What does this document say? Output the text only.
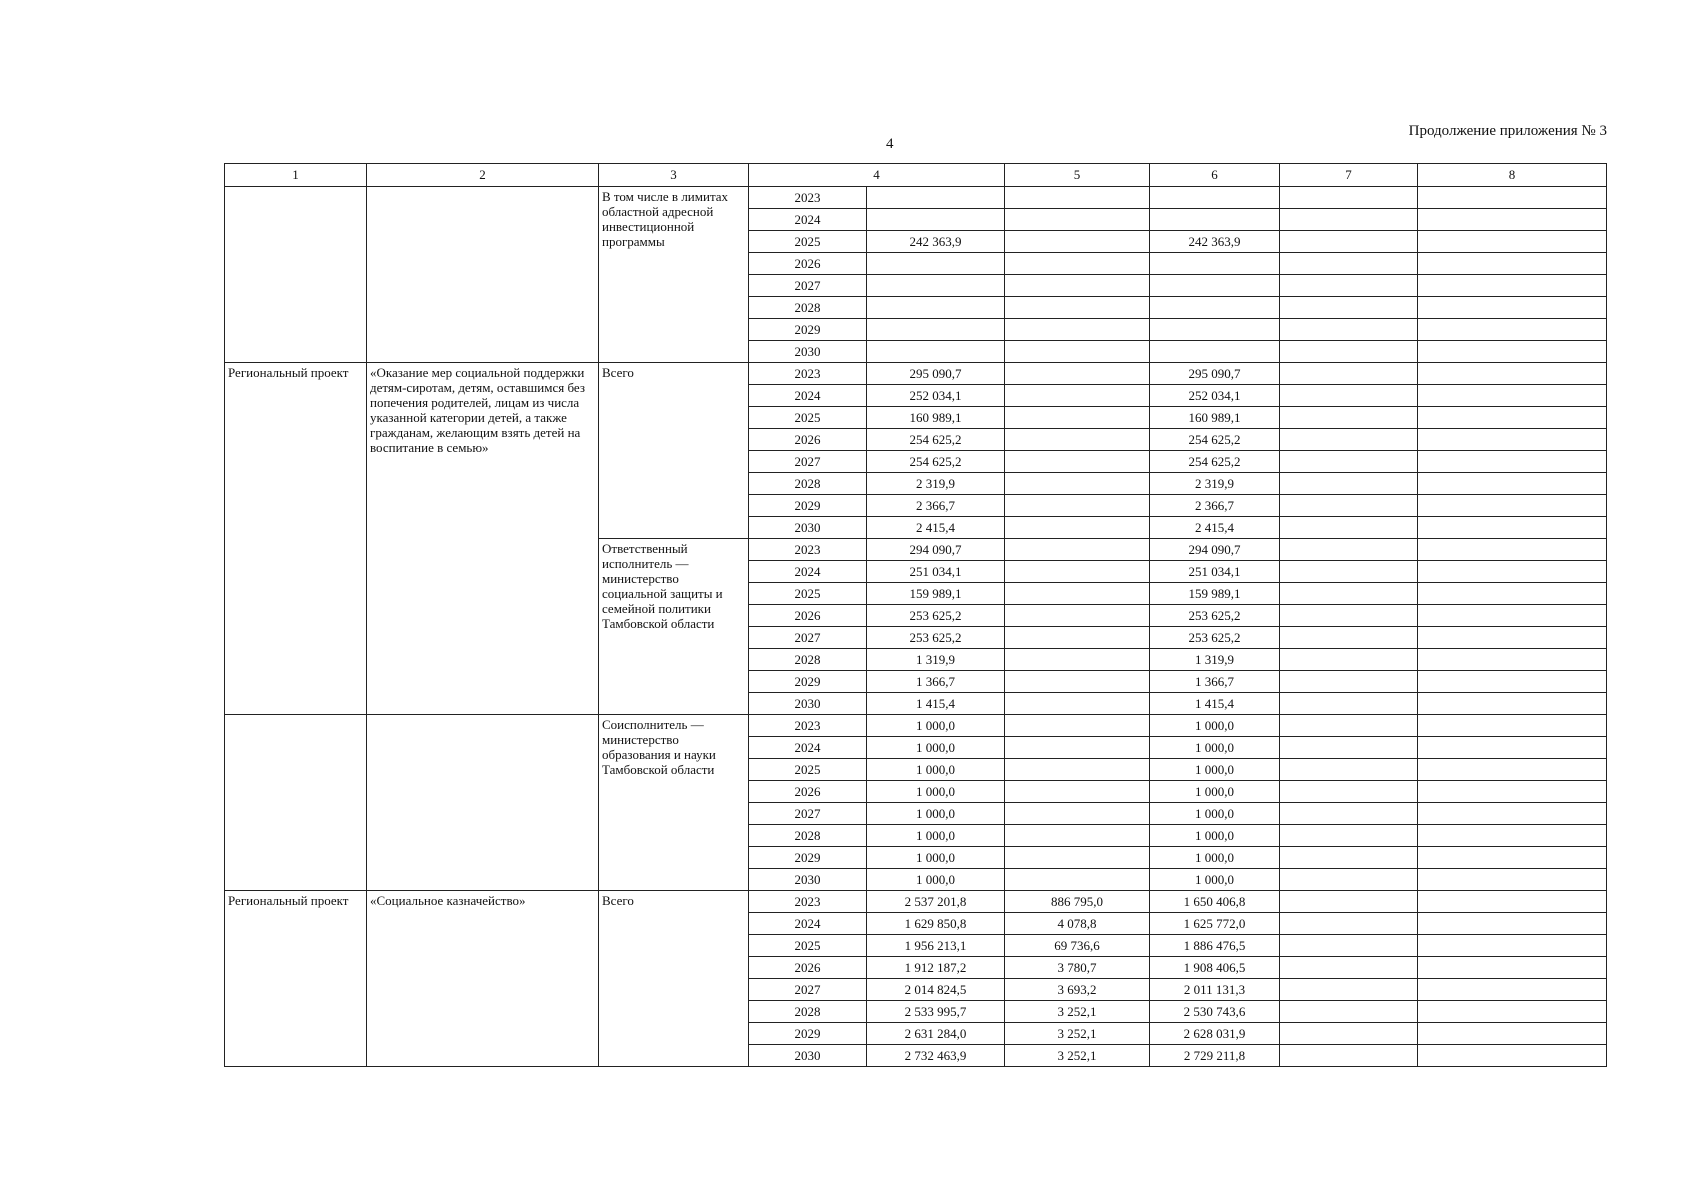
4
Продолжение приложения № 3
1	2	3	4		5	6	7	8
		В том числе в лимитах областной адресной инвестиционной программы	2023					
			2024					
			2025	242 363,9		242 363,9		
			2026					
			2027					
			2028					
			2029					
			2030					
Региональный проект	«Оказание мер социальной поддержки детям-сиротам, детям, оставшимся без попечения родителей, лицам из числа указанной категории детей, а также гражданам, желающим взять детей на воспитание в семью»	Всего	2023	295 090,7		295 090,7		
			2024	252 034,1		252 034,1		
			2025	160 989,1		160 989,1		
			2026	254 625,2		254 625,2		
			2027	254 625,2		254 625,2		
			2028	2 319,9		2 319,9		
			2029	2 366,7		2 366,7		
			2030	2 415,4		2 415,4		
		Ответственный исполнитель — министерство социальной защиты и семейной политики Тамбовской области	2023	294 090,7		294 090,7		
			2024	251 034,1		251 034,1		
			2025	159 989,1		159 989,1		
			2026	253 625,2		253 625,2		
			2027	253 625,2		253 625,2		
			2028	1 319,9		1 319,9		
			2029	1 366,7		1 366,7		
			2030	1 415,4		1 415,4		
		Соисполнитель — министерство образования и науки Тамбовской области	2023	1 000,0		1 000,0		
			2024	1 000,0		1 000,0		
			2025	1 000,0		1 000,0		
			2026	1 000,0		1 000,0		
			2027	1 000,0		1 000,0		
			2028	1 000,0		1 000,0		
			2029	1 000,0		1 000,0		
			2030	1 000,0		1 000,0		
Региональный проект	«Социальное казначейство»	Всего	2023	2 537 201,8	886 795,0	1 650 406,8		
			2024	1 629 850,8	4 078,8	1 625 772,0		
			2025	1 956 213,1	69 736,6	1 886 476,5		
			2026	1 912 187,2	3 780,7	1 908 406,5		
			2027	2 014 824,5	3 693,2	2 011 131,3		
			2028	2 533 995,7	3 252,1	2 530 743,6		
			2029	2 631 284,0	3 252,1	2 628 031,9		
			2030	2 732 463,9	3 252,1	2 729 211,8		
